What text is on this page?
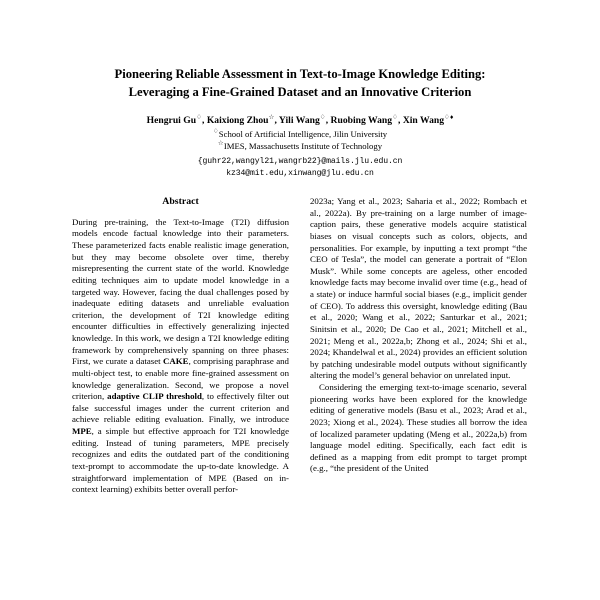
Pioneering Reliable Assessment in Text-to-Image Knowledge Editing:
Leveraging a Fine-Grained Dataset and an Innovative Criterion
Hengrui Gu♢, Kaixiong Zhou☆, Yili Wang♢, Ruobing Wang♢, Xin Wang♢♦
♢School of Artificial Intelligence, Jilin University
☆IMES, Massachusetts Institute of Technology
{guhr22,wangyl21,wangrb22}@mails.jlu.edu.cn
kz34@mit.edu,xinwang@jlu.edu.cn
Abstract

During pre-training, the Text-to-Image (T2I) diffusion models encode factual knowledge into their parameters. These parameterized facts enable realistic image generation, but they may become obsolete over time, thereby misrepresenting the current state of the world. Knowledge editing techniques aim to update model knowledge in a targeted way. However, facing the dual challenges posed by inadequate editing datasets and unreliable evaluation criterion, the development of T2I knowledge editing encounter difficulties in effectively generalizing injected knowledge. In this work, we design a T2I knowledge editing framework by comprehensively spanning on three phases: First, we curate a dataset CAKE, comprising paraphrase and multi-object test, to enable more fine-grained assessment on knowledge generalization. Second, we propose a novel criterion, adaptive CLIP threshold, to effectively filter out false successful images under the current criterion and achieve reliable editing evaluation. Finally, we introduce MPE, a simple but effective approach for T2I knowledge editing. Instead of tuning parameters, MPE precisely recognizes and edits the outdated part of the conditioning text-prompt to accommodate the up-to-date knowledge. A straightforward implementation of MPE (Based on in-context learning) exhibits better overall perfor-

2023a; Yang et al., 2023; Saharia et al., 2022; Rombach et al., 2022a). By pre-training on a large number of image-caption pairs, these generative models acquire statistical biases on visual concepts such as colors, objects, and personalities. For example, by inputting a text prompt “the CEO of Tesla”, the model can generate a portrait of “Elon Musk”. While some concepts are ageless, other encoded knowledge facts may become invalid over time (e.g., head of a state) or induce harmful social biases (e.g., implicit gender of CEO). To address this oversight, knowledge editing (Bau et al., 2020; Wang et al., 2022; Santurkar et al., 2021; Sinitsin et al., 2020; De Cao et al., 2021; Mitchell et al., 2021; Meng et al., 2022a,b; Zhong et al., 2024; Shi et al., 2024; Khandelwal et al., 2024) provides an efficient solution by patching undesirable model outputs without significantly altering the model’s general behavior on unrelated input.

Considering the emerging text-to-image scenario, several pioneering works have been explored for the knowledge editing of generative models (Basu et al., 2023; Arad et al., 2023; Xiong et al., 2024). These studies all borrow the idea of localized parameter updating (Meng et al., 2022a,b) from language model editing. Specifically, each fact edit is defined as a mapping from edit prompt to target prompt (e.g., “the president of the United
